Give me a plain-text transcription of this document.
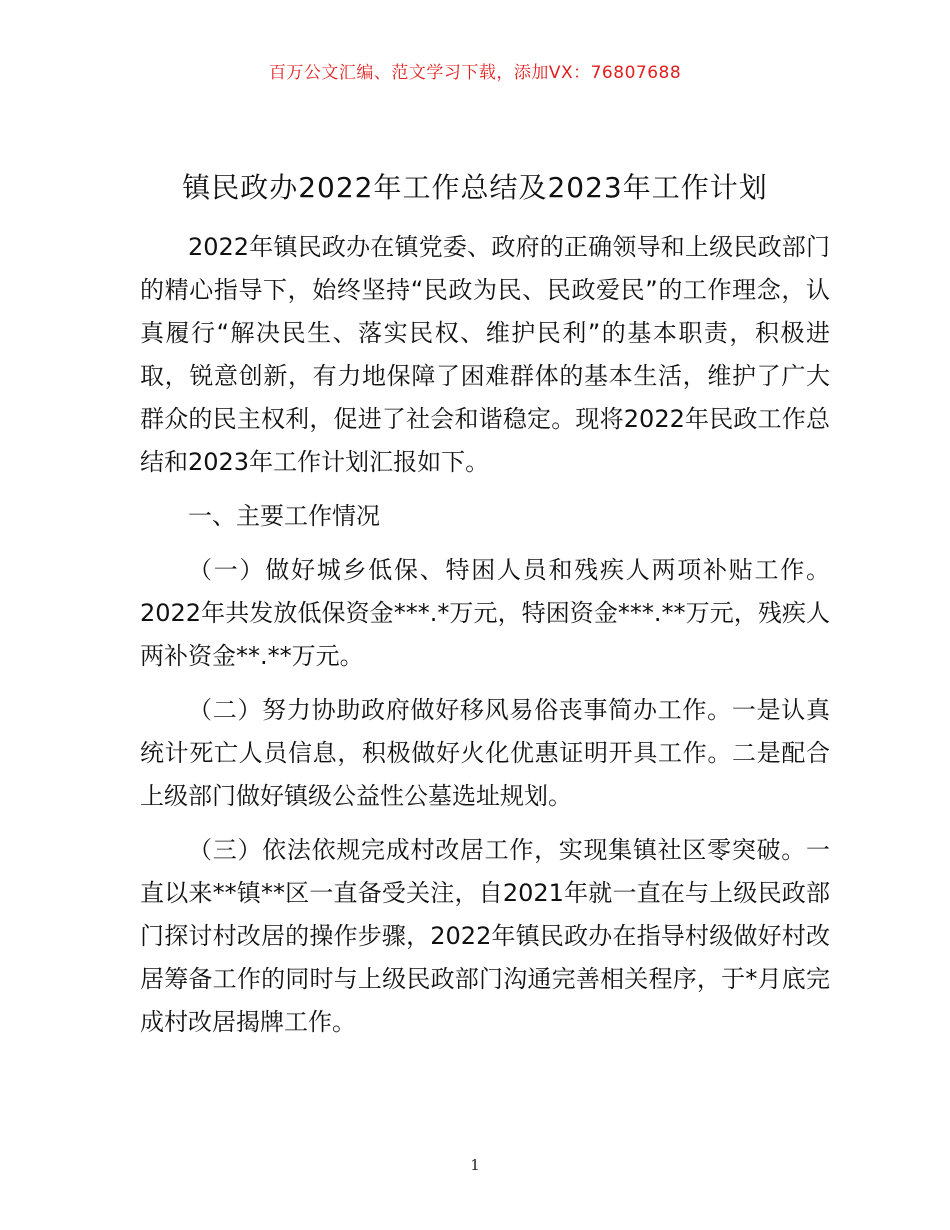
百万公文汇编、范文学习下载，添加VX：76807688
镇民政办2022年工作总结及2023年工作计划

2022年镇民政办在镇党委、政府的正确领导和上级民政部门的精心指导下，始终坚持“民政为民、民政爱民”的工作理念，认真履行“解决民生、落实民权、维护民利”的基本职责，积极进取，锐意创新，有力地保障了困难群体的基本生活，维护了广大群众的民主权利，促进了社会和谐稳定。现将2022年民政工作总结和2023年工作计划汇报如下。

一、主要工作情况

（一）做好城乡低保、特困人员和残疾人两项补贴工作。2022年共发放低保资金***.*万元，特困资金***.**万元，残疾人两补资金**.**万元。

（二）努力协助政府做好移风易俗丧事简办工作。一是认真统计死亡人员信息，积极做好火化优惠证明开具工作。二是配合上级部门做好镇级公益性公墓选址规划。

（三）依法依规完成村改居工作，实现集镇社区零突破。一直以来**镇**区一直备受关注，自2021年就一直在与上级民政部门探讨村改居的操作步骤，2022年镇民政办在指导村级做好村改居筹备工作的同时与上级民政部门沟通完善相关程序，于*月底完成村改居揭牌工作。

1
